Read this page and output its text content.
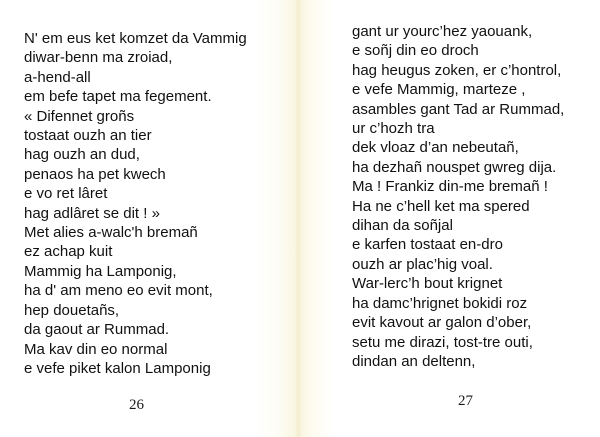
N' em eus ket komzet da Vammig
diwar-benn ma zroiad,
a-hend-all
em befe tapet ma fegement.
« Difennet groñs
tostaat ouzh an tier
hag ouzh an dud,
penaos ha pet kwech
e vo ret lâret
hag adlâret se dit ! »
Met alies a-walc'h bremañ
ez achap kuit
Mammig ha Lamponig,
ha d' am meno eo evit mont,
hep douetañs,
da gaout ar Rummad.
Ma kav din eo normal
e vefe piket kalon Lamponig
26
gant ur yourc’hez yaouank,
e soñj din eo droch
hag heugus zoken, er c’hontrol,
e vefe Mammig, marteze ,
asambles gant Tad ar Rummad,
ur c’hozh tra
dek vloaz d’an nebeutañ,
ha dezhañ nouspet gwreg dija.
Ma ! Frankiz din-me bremañ !
Ha ne c’hell ket ma spered
dihan da soñjal
e karfen tostaat en-dro
ouzh ar plac’hig voal.
War-lerc’h bout krignet
ha damc’hrignet bokidi roz
evit kavout ar galon d’ober,
setu me dirazi, tost-tre outi,
dindan an deltenn,
27
